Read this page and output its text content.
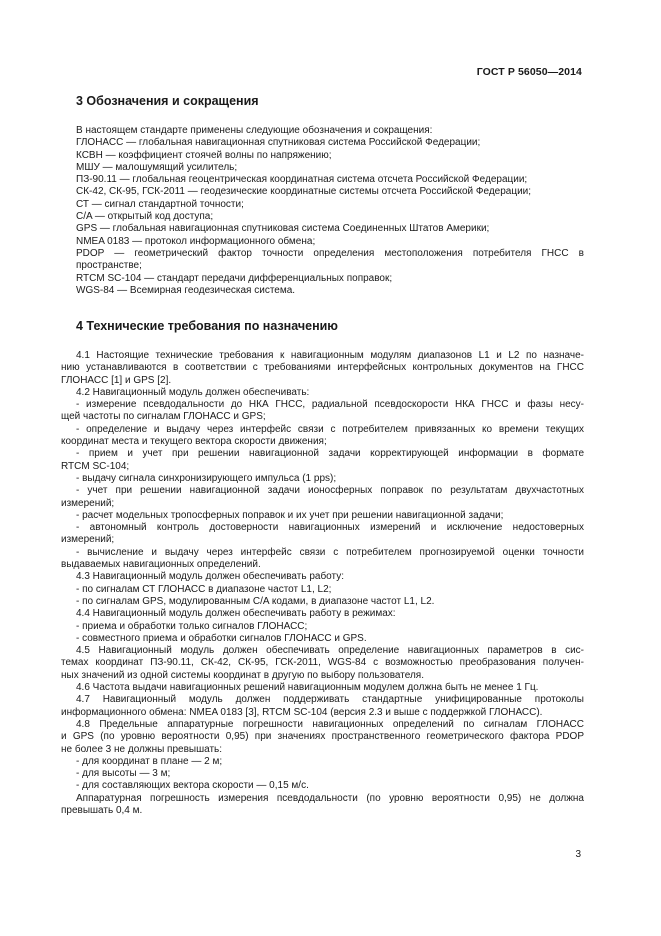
ГОСТ Р 56050—2014
3 Обозначения и сокращения
В настоящем стандарте применены следующие обозначения и сокращения:
ГЛОНАСС — глобальная навигационная спутниковая система Российской Федерации;
КСВН — коэффициент стоячей волны по напряжению;
МШУ — малошумящий усилитель;
ПЗ-90.11 — глобальная геоцентрическая координатная система отсчета Российской Федерации;
СК-42, СК-95, ГСК-2011 — геодезические координатные системы отсчета Российской Федерации;
СТ — сигнал стандартной точности;
C/A — открытый код доступа;
GPS — глобальная навигационная спутниковая система Соединенных Штатов Америки;
NMEA 0183 — протокол информационного обмена;
PDOP — геометрический фактор точности определения местоположения потребителя ГНСС в
пространстве;
RTCM SC-104 — стандарт передачи дифференциальных поправок;
WGS-84 — Всемирная геодезическая система.
4 Технические требования по назначению
4.1 Настоящие технические требования к навигационным модулям диапазонов L1 и L2 по назначе-
нию устанавливаются в соответствии с требованиями интерфейсных контрольных документов на ГНСС
ГЛОНАСС [1] и GPS [2].
4.2 Навигационный модуль должен обеспечивать:
- измерение псевдодальности до НКА ГНСС, радиальной псевдоскорости НКА ГНСС и фазы несу-
щей частоты по сигналам ГЛОНАСС и GPS;
- определение и выдачу через интерфейс связи с потребителем привязанных ко времени текущих
координат места и текущего вектора скорости движения;
- прием и учет при решении навигационной задачи корректирующей информации в формате
RTCM SC-104;
- выдачу сигнала синхронизирующего импульса (1 pps);
- учет при решении навигационной задачи ионосферных поправок по результатам двухчастотных
измерений;
- расчет модельных тропосферных поправок и их учет при решении навигационной задачи;
- автономный контроль достоверности навигационных измерений и исключение недостоверных
измерений;
- вычисление и выдачу через интерфейс связи с потребителем прогнозируемой оценки точности
выдаваемых навигационных определений.
4.3 Навигационный модуль должен обеспечивать работу:
- по сигналам СТ ГЛОНАСС в диапазоне частот L1, L2;
- по сигналам GPS, модулированным C/A кодами, в диапазоне частот L1, L2.
4.4 Навигационный модуль должен обеспечивать работу в режимах:
- приема и обработки только сигналов ГЛОНАСС;
- совместного приема и обработки сигналов ГЛОНАСС и GPS.
4.5 Навигационный модуль должен обеспечивать определение навигационных параметров в сис-
темах координат ПЗ-90.11, СК-42, СК-95, ГСК-2011, WGS-84 с возможностью преобразования получен-
ных значений из одной системы координат в другую по выбору пользователя.
4.6 Частота выдачи навигационных решений навигационным модулем должна быть не менее 1 Гц.
4.7 Навигационный модуль должен поддерживать стандартные унифицированные протоколы
информационного обмена: NMEA 0183 [3], RTCM SC-104 (версия 2.3 и выше с поддержкой ГЛОНАСС).
4.8 Предельные аппаратурные погрешности навигационных определений по сигналам ГЛОНАСС
и GPS (по уровню вероятности 0,95) при значениях пространственного геометрического фактора PDOP
не более 3 не должны превышать:
- для координат в плане — 2 м;
- для высоты — 3 м;
- для составляющих вектора скорости — 0,15 м/с.
Аппаратурная погрешность измерения псевдодальности (по уровню вероятности 0,95) не должна
превышать 0,4 м.
3
